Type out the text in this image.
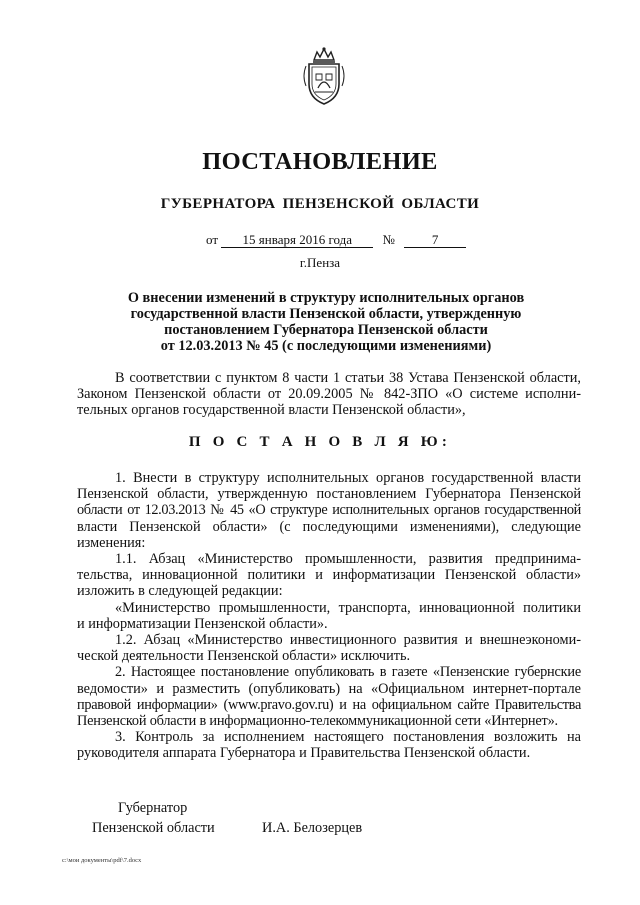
ПОСТАНОВЛЕНИЕ
ГУБЕРНАТОРА ПЕНЗЕНСКОЙ ОБЛАСТИ
от 15 января 2016 года №	7
г.Пенза
О внесении изменений в структуру исполнительных органов
государственной власти Пензенской области, утвержденную
постановлением Губернатора Пензенской области
от 12.03.2013 № 45 (с последующими изменениями)
В соответствии с пунктом 8 части 1 статьи 38 Устава Пензенской области,
Законом Пензенской области от 20.09.2005 № 842-ЗПО «О системе исполни-
тельных органов государственной власти Пензенской области»,
П О С Т А Н О В Л Я Ю:
1. Внести в структуру исполнительных органов государственной власти
Пензенской области, утвержденную постановлением Губернатора Пензенской
области от 12.03.2013 № 45 «О структуре исполнительных органов государственной
власти Пензенской области» (с последующими изменениями), следующие
изменения:
1.1. Абзац «Министерство промышленности, развития предпринима-
тельства, инновационной политики и информатизации Пензенской области»
изложить в следующей редакции:
«Министерство промышленности, транспорта, инновационной политики
и информатизации Пензенской области».
1.2. Абзац «Министерство инвестиционного развития и внешнеэкономи-
ческой деятельности Пензенской области» исключить.
2. Настоящее постановление опубликовать в газете «Пензенские губернские
ведомости» и разместить (опубликовать) на «Официальном интернет-портале
правовой информации» (www.pravo.gov.ru) и на официальном сайте Правительства
Пензенской области в информационно-телекоммуникационной сети «Интернет».
3. Контроль за исполнением настоящего постановления возложить на
руководителя аппарата Губернатора и Правительства Пензенской области.
Губернатор
Пензенской области	И.А. Белозерцев
c:\мои документы\pdf\7.docx
